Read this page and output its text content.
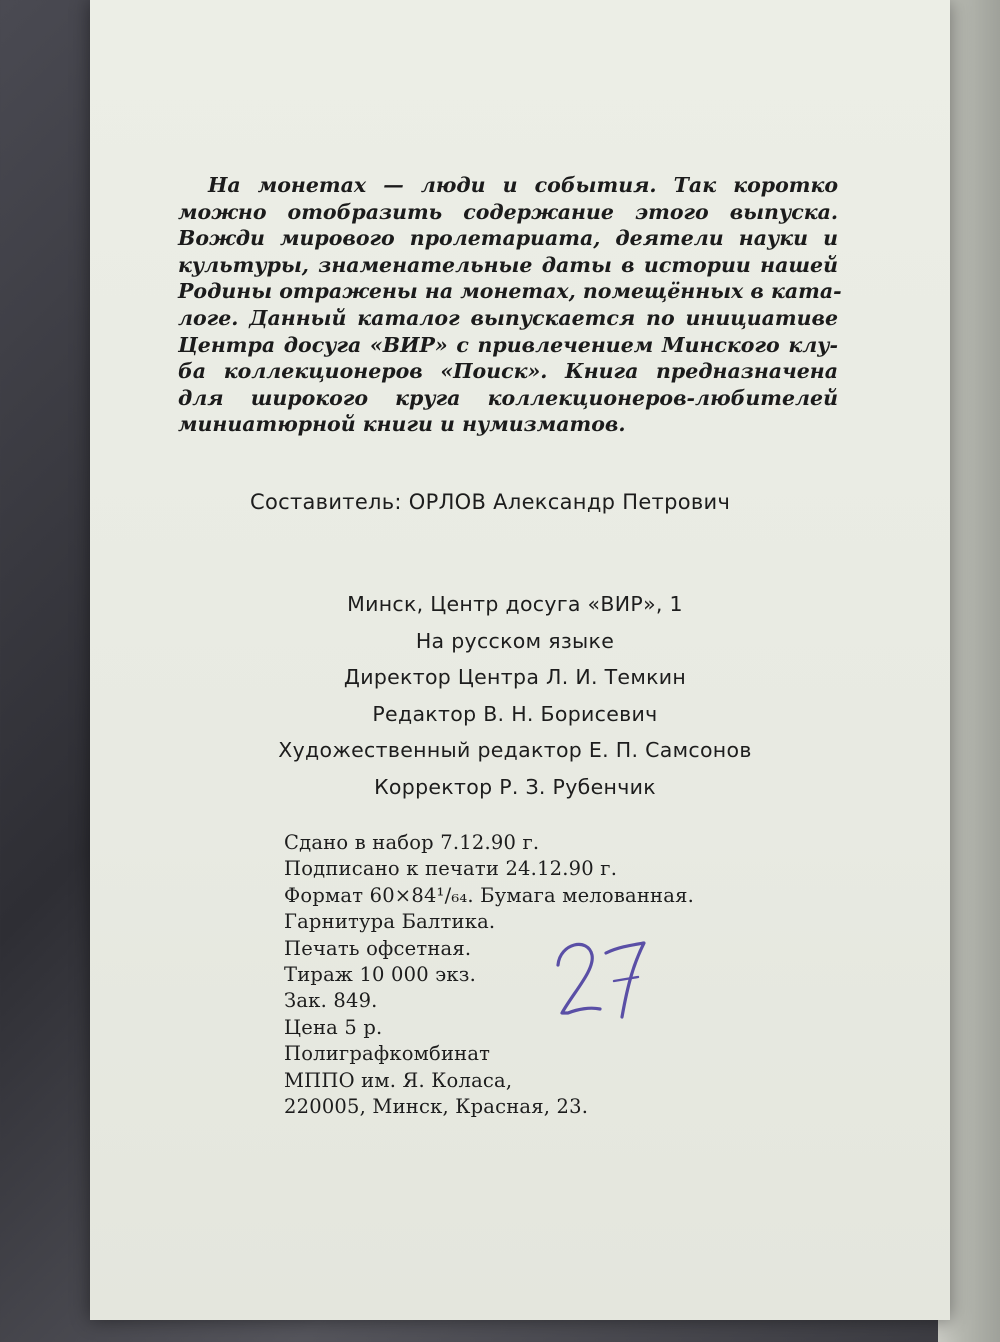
На монетах — люди и события. Так коротко
можно отобразить содержание этого выпуска.
Вожди мирового пролетариата, деятели науки и
культуры, знаменательные даты в истории нашей
Родины отражены на монетах, помещённых в ката-
логе. Данный каталог выпускается по инициативе
Центра досуга «ВИР» с привлечением Минского клу-
ба коллекционеров «Поиск». Книга предназначена
для широкого круга коллекционеров-любителей
миниатюрной книги и нумизматов.
Составитель: ОРЛОВ Александр Петрович
Минск, Центр досуга «ВИР», 1
На русском языке
Директор Центра Л. И. Темкин
Редактор В. Н. Борисевич
Художественный редактор Е. П. Самсонов
Корректор Р. З. Рубенчик
Сдано в набор 7.12.90 г.
Подписано к печати 24.12.90 г.
Формат 60×84¹/₆₄. Бумага мелованная.
Гарнитура Балтика.
Печать офсетная.
Тираж 10 000 экз.
Зак. 849.
Цена 5 р.
Полиграфкомбинат
МППО им. Я. Коласа,
220005, Минск, Красная, 23.
